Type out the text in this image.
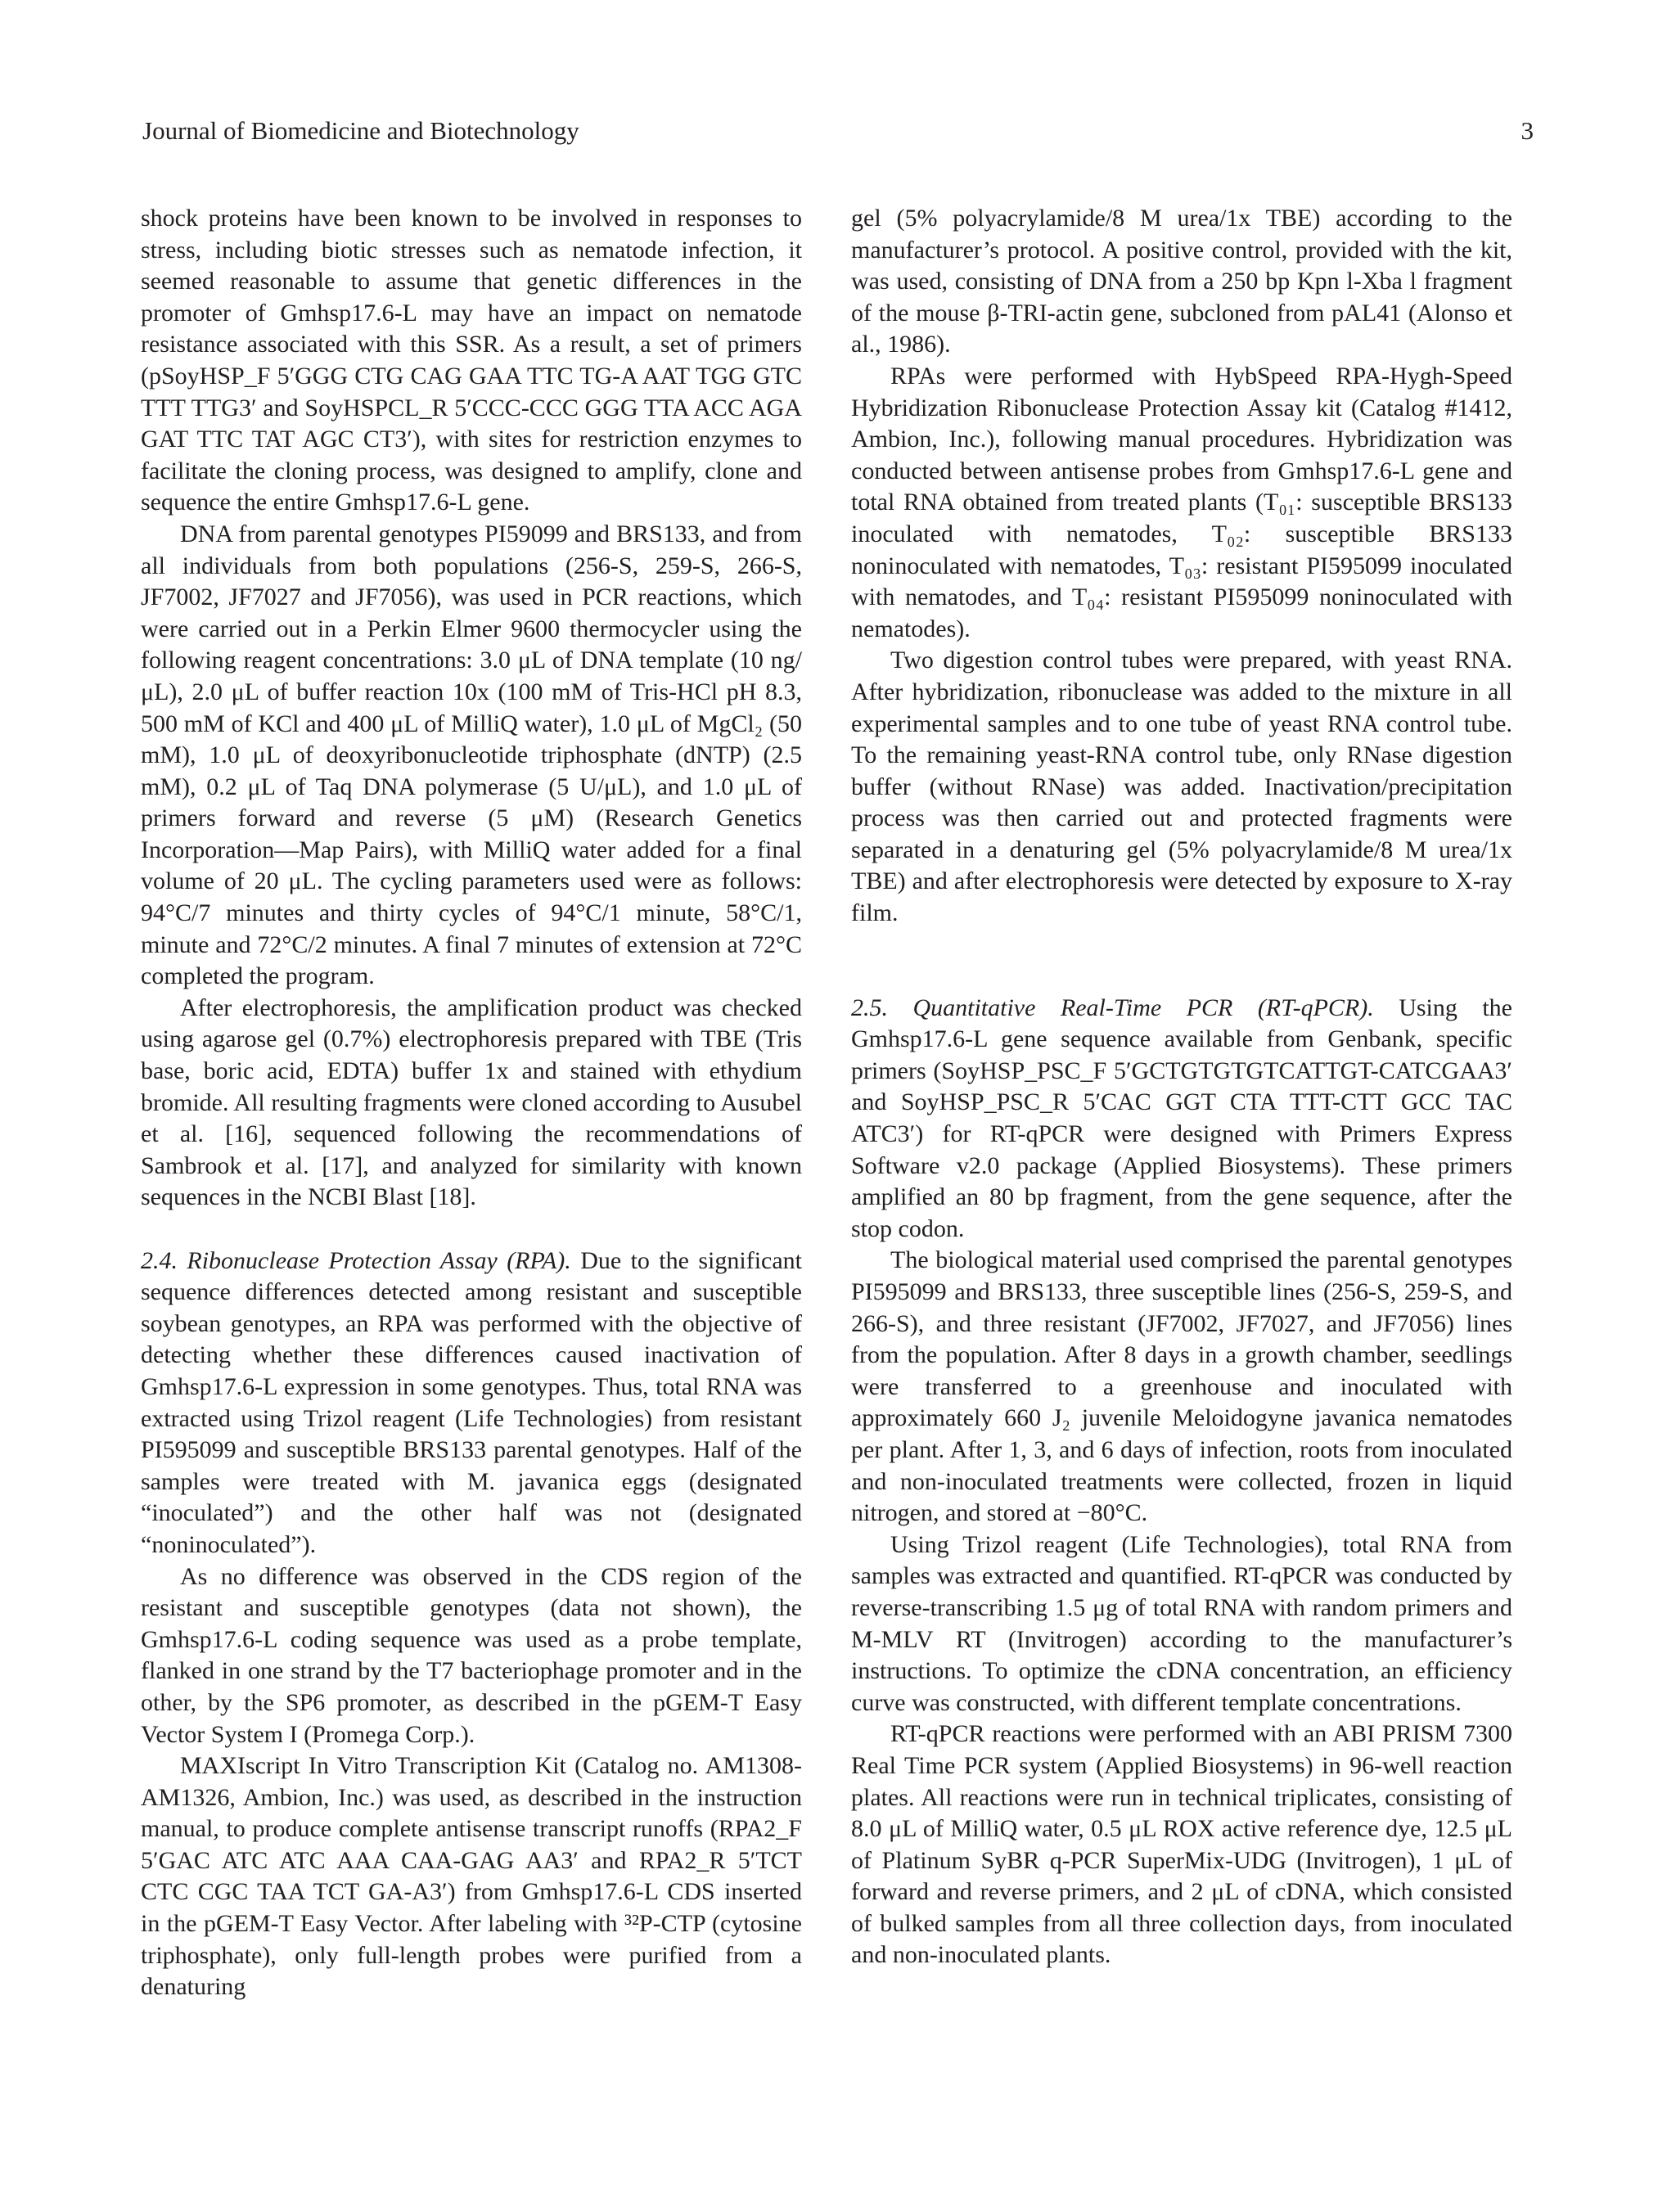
Journal of Biomedicine and Biotechnology	3

shock proteins have been known to be involved in responses to stress, including biotic stresses such as nematode infection, it seemed reasonable to assume that genetic differences in the promoter of Gmhsp17.6-L may have an impact on nematode resistance associated with this SSR. As a result, a set of primers (pSoyHSP_F 5′GGG CTG CAG GAA TTC TG-A AAT TGG GTC TTT TTG3′ and SoyHSPCL_R 5′CCC-CCC GGG TTA ACC AGA GAT TTC TAT AGC CT3′), with sites for restriction enzymes to facilitate the cloning process, was designed to amplify, clone and sequence the entire Gmhsp17.6-L gene.

DNA from parental genotypes PI59099 and BRS133, and from all individuals from both populations (256-S, 259-S, 266-S, JF7002, JF7027 and JF7056), was used in PCR reactions, which were carried out in a Perkin Elmer 9600 thermocycler using the following reagent concentrations: 3.0 μL of DNA template (10 ng/μL), 2.0 μL of buffer reaction 10x (100 mM of Tris-HCl pH 8.3, 500 mM of KCl and 400 μL of MilliQ water), 1.0 μL of MgCl₂ (50 mM), 1.0 μL of deoxyribonucleotide triphosphate (dNTP) (2.5 mM), 0.2 μL of Taq DNA polymerase (5 U/μL), and 1.0 μL of primers forward and reverse (5 μM) (Research Genetics Incorporation—Map Pairs), with MilliQ water added for a final volume of 20 μL. The cycling parameters used were as follows: 94°C/7 minutes and thirty cycles of 94°C/1 minute, 58°C/1, minute and 72°C/2 minutes. A final 7 minutes of extension at 72°C completed the program.

After electrophoresis, the amplification product was checked using agarose gel (0.7%) electrophoresis prepared with TBE (Tris base, boric acid, EDTA) buffer 1x and stained with ethydium bromide. All resulting fragments were cloned according to Ausubel et al. [16], sequenced following the recommendations of Sambrook et al. [17], and analyzed for similarity with known sequences in the NCBI Blast [18].

2.4. Ribonuclease Protection Assay (RPA). Due to the significant sequence differences detected among resistant and susceptible soybean genotypes, an RPA was performed with the objective of detecting whether these differences caused inactivation of Gmhsp17.6-L expression in some genotypes. Thus, total RNA was extracted using Trizol reagent (Life Technologies) from resistant PI595099 and susceptible BRS133 parental genotypes. Half of the samples were treated with M. javanica eggs (designated “inoculated”) and the other half was not (designated “noninoculated”).

As no difference was observed in the CDS region of the resistant and susceptible genotypes (data not shown), the Gmhsp17.6-L coding sequence was used as a probe template, flanked in one strand by the T7 bacteriophage promoter and in the other, by the SP6 promoter, as described in the pGEM-T Easy Vector System I (Promega Corp.).

MAXIscript In Vitro Transcription Kit (Catalog no. AM1308-AM1326, Ambion, Inc.) was used, as described in the instruction manual, to produce complete antisense transcript runoffs (RPA2_F 5′GAC ATC ATC AAA CAA-GAG AA3′ and RPA2_R 5′TCT CTC CGC TAA TCT GA-A3′) from Gmhsp17.6-L CDS inserted in the pGEM-T Easy Vector. After labeling with ³²P-CTP (cytosine triphosphate), only full-length probes were purified from a denaturing

gel (5% polyacrylamide/8 M urea/1x TBE) according to the manufacturer’s protocol. A positive control, provided with the kit, was used, consisting of DNA from a 250 bp Kpn l-Xba l fragment of the mouse β-TRI-actin gene, subcloned from pAL41 (Alonso et al., 1986).

RPAs were performed with HybSpeed RPA-Hygh-Speed Hybridization Ribonuclease Protection Assay kit (Catalog #1412, Ambion, Inc.), following manual procedures. Hybridization was conducted between antisense probes from Gmhsp17.6-L gene and total RNA obtained from treated plants (T₀₁: susceptible BRS133 inoculated with nematodes, T₀₂: susceptible BRS133 noninoculated with nematodes, T₀₃: resistant PI595099 inoculated with nematodes, and T₀₄: resistant PI595099 noninoculated with nematodes).

Two digestion control tubes were prepared, with yeast RNA. After hybridization, ribonuclease was added to the mixture in all experimental samples and to one tube of yeast RNA control tube. To the remaining yeast-RNA control tube, only RNase digestion buffer (without RNase) was added. Inactivation/precipitation process was then carried out and protected fragments were separated in a denaturing gel (5% polyacrylamide/8 M urea/1x TBE) and after electrophoresis were detected by exposure to X-ray film.

2.5. Quantitative Real-Time PCR (RT-qPCR). Using the Gmhsp17.6-L gene sequence available from Genbank, specific primers (SoyHSP_PSC_F 5′GCTGTGTGTCATTGT-CATCGAA3′ and SoyHSP_PSC_R 5′CAC GGT CTA TTT-CTT GCC TAC ATC3′) for RT-qPCR were designed with Primers Express Software v2.0 package (Applied Biosystems). These primers amplified an 80 bp fragment, from the gene sequence, after the stop codon.

The biological material used comprised the parental genotypes PI595099 and BRS133, three susceptible lines (256-S, 259-S, and 266-S), and three resistant (JF7002, JF7027, and JF7056) lines from the population. After 8 days in a growth chamber, seedlings were transferred to a greenhouse and inoculated with approximately 660 J₂ juvenile Meloidogyne javanica nematodes per plant. After 1, 3, and 6 days of infection, roots from inoculated and non-inoculated treatments were collected, frozen in liquid nitrogen, and stored at −80°C.

Using Trizol reagent (Life Technologies), total RNA from samples was extracted and quantified. RT-qPCR was conducted by reverse-transcribing 1.5 μg of total RNA with random primers and M-MLV RT (Invitrogen) according to the manufacturer’s instructions. To optimize the cDNA concentration, an efficiency curve was constructed, with different template concentrations.

RT-qPCR reactions were performed with an ABI PRISM 7300 Real Time PCR system (Applied Biosystems) in 96-well reaction plates. All reactions were run in technical triplicates, consisting of 8.0 μL of MilliQ water, 0.5 μL ROX active reference dye, 12.5 μL of Platinum SyBR q-PCR SuperMix-UDG (Invitrogen), 1 μL of forward and reverse primers, and 2 μL of cDNA, which consisted of bulked samples from all three collection days, from inoculated and non-inoculated plants.
